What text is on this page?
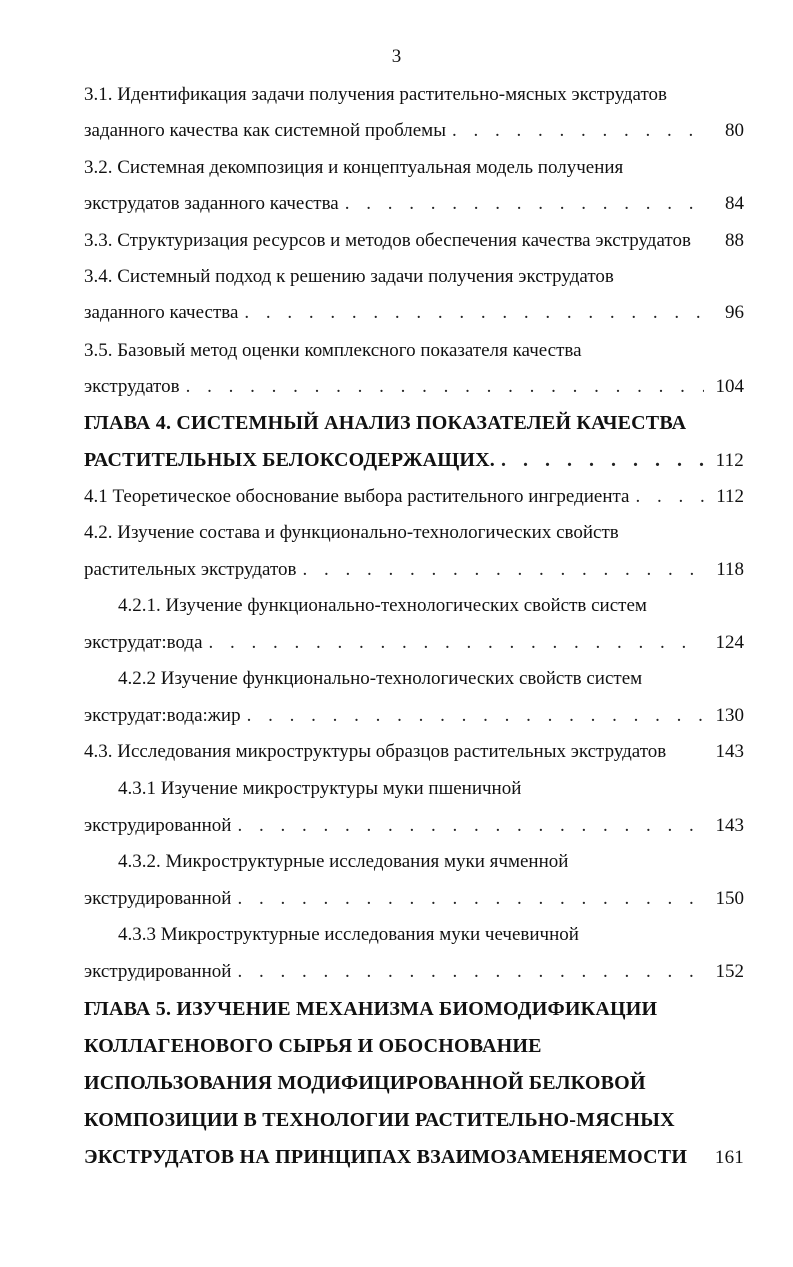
3
3.1. Идентификация задачи получения растительно-мясных экструдатов
заданного качества как системной проблемы . . .	80
3.2. Системная декомпозиция и концептуальная модель получения
экструдатов заданного качества . . .	84
3.3. Структуризация ресурсов и методов обеспечения качества экструдатов	88
3.4. Системный подход к решению задачи получения экструдатов
заданного качества . . .	96
3.5. Базовый метод оценки комплексного показателя качества
экструдатов . . .	104
ГЛАВА 4. СИСТЕМНЫЙ АНАЛИЗ ПОКАЗАТЕЛЕЙ КАЧЕСТВА
РАСТИТЕЛЬНЫХ БЕЛОКСОДЕРЖАЩИХ. . . .	112
4.1 Теоретическое обоснование выбора растительного ингредиента . . .	112
4.2. Изучение состава и функционально-технологических свойств
растительных экструдатов . . .	118
4.2.1. Изучение функционально-технологических свойств систем
экструдат:вода . . .	124
4.2.2 Изучение функционально-технологических свойств систем
экструдат:вода:жир . . .	130
4.3. Исследования микроструктуры образцов растительных экструдатов	143
4.3.1 Изучение микроструктуры муки пшеничной
экструдированной . . .	143
4.3.2. Микроструктурные исследования муки ячменной
экструдированной . . .	150
4.3.3 Микроструктурные исследования муки чечевичной
экструдированной . . .	152
ГЛАВА 5. ИЗУЧЕНИЕ МЕХАНИЗМА БИОМОДИФИКАЦИИ
КОЛЛАГЕНОВОГО СЫРЬЯ И ОБОСНОВАНИЕ
ИСПОЛЬЗОВАНИЯ МОДИФИЦИРОВАННОЙ БЕЛКОВОЙ
КОМПОЗИЦИИ В ТЕХНОЛОГИИ РАСТИТЕЛЬНО-МЯСНЫХ
ЭКСТРУДАТОВ НА ПРИНЦИПАХ ВЗАИМОЗАМЕНЯЕМОСТИ	161
